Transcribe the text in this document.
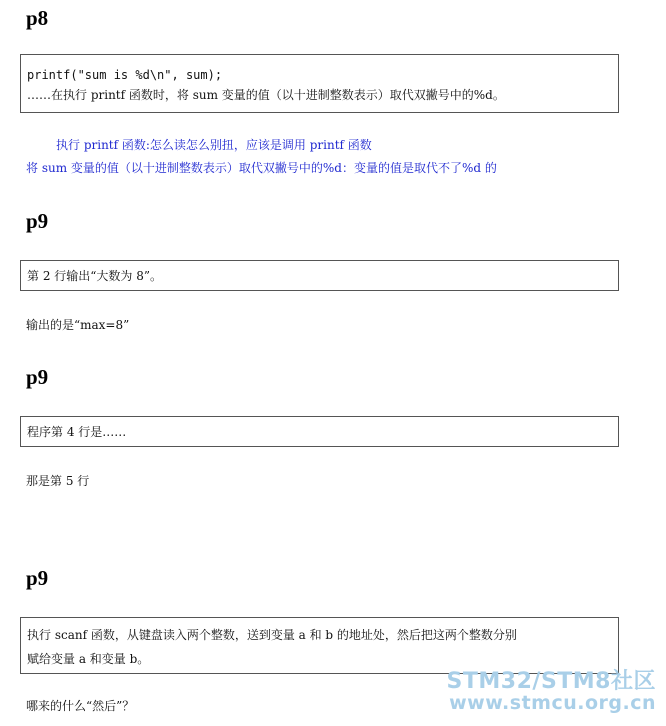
p8
printf("sum is %d\n", sum);
……在执行 printf 函数时，将 sum 变量的值（以十进制整数表示）取代双撇号中的%d。
执行 printf 函数:怎么读怎么别扭，应该是调用 printf 函数
将 sum 变量的值（以十进制整数表示）取代双撇号中的%d：变量的值是取代不了%d 的
p9
第 2 行输出“大数为 8”。
输出的是“max=8”
p9
程序第 4 行是……
那是第 5 行
p9
执行 scanf 函数，从键盘读入两个整数，送到变量 a 和 b 的地址处，然后把这两个整数分别
赋给变量 a 和变量 b。
哪来的什么“然后”？
STM32/STM8社区
www.stmcu.org.cn
